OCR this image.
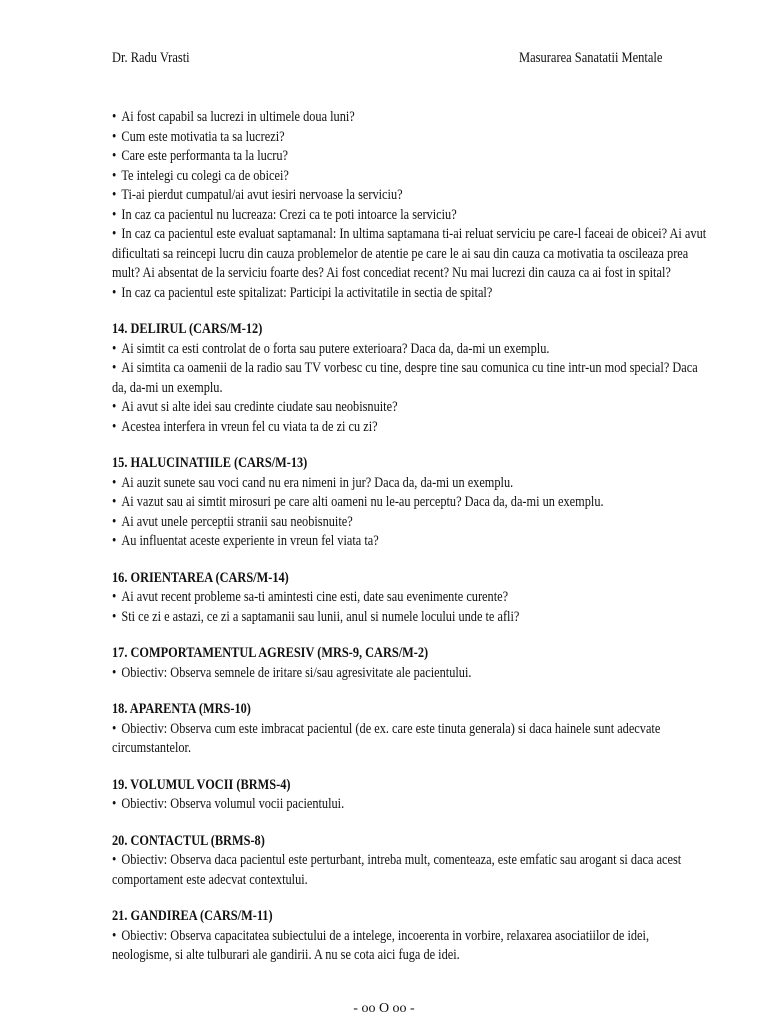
Dr. Radu Vrasti	Masurarea Sanatatii Mentale

• Ai fost capabil sa lucrezi in ultimele doua luni?

• Cum este motivatia ta sa lucrezi?

• Care este performanta ta la lucru?

• Te intelegi cu colegi ca de obicei?

• Ti-ai pierdut cumpatul/ai avut iesiri nervoase la serviciu?

• In caz ca pacientul nu lucreaza: Crezi ca te poti intoarce la serviciu?

• In caz ca pacientul este evaluat saptamanal: In ultima saptamana ti-ai reluat serviciu pe care-l faceai de obicei? Ai avut dificultati sa reincepi lucru din cauza problemelor de atentie pe care le ai sau din cauza ca motivatia ta oscileaza prea mult? Ai absentat de la serviciu foarte des? Ai fost concediat recent? Nu mai lucrezi din cauza ca ai fost in spital?

• In caz ca pacientul este spitalizat: Participi la activitatile in sectia de spital?

14. DELIRUL (CARS/M-12)

• Ai simtit ca esti controlat de o forta sau putere exterioara? Daca da, da-mi un exemplu.

• Ai simtita ca oamenii de la radio sau TV vorbesc cu tine, despre tine sau comunica cu tine intr-un mod special? Daca da, da-mi un exemplu.

• Ai avut si alte idei sau credinte ciudate sau neobisnuite?

• Acestea interfera in vreun fel cu viata ta de zi cu zi?

15. HALUCINATIILE (CARS/M-13)

• Ai auzit sunete sau voci cand nu era nimeni in jur? Daca da, da-mi un exemplu.

• Ai vazut sau ai simtit mirosuri pe care alti oameni nu le-au perceptu? Daca da, da-mi un exemplu.

• Ai avut unele perceptii stranii sau neobisnuite?

• Au influentat aceste experiente in vreun fel viata ta?

16. ORIENTAREA (CARS/M-14)

• Ai avut recent probleme sa-ti amintesti cine esti, date sau evenimente curente?

• Sti ce zi e astazi, ce zi a saptamanii sau lunii, anul si numele locului unde te afli?

17. COMPORTAMENTUL AGRESIV (MRS-9, CARS/M-2)

• Obiectiv: Observa semnele de iritare si/sau agresivitate ale pacientului.

18. APARENTA (MRS-10)

• Obiectiv: Observa cum este imbracat pacientul (de ex. care este tinuta generala) si daca hainele sunt adecvate circumstantelor.

19. VOLUMUL VOCII (BRMS-4)

• Obiectiv: Observa volumul vocii pacientului.

20. CONTACTUL (BRMS-8)

• Obiectiv: Observa daca pacientul este perturbant, intreba mult, comenteaza, este emfatic sau arogant si daca acest comportament este adecvat contextului.

21. GANDIREA (CARS/M-11)

• Obiectiv: Observa capacitatea subiectului de a intelege, incoerenta in vorbire, relaxarea asociatiilor de idei, neologisme, si alte tulburari ale gandirii. A nu se cota aici fuga de idei.

- oo O oo -
